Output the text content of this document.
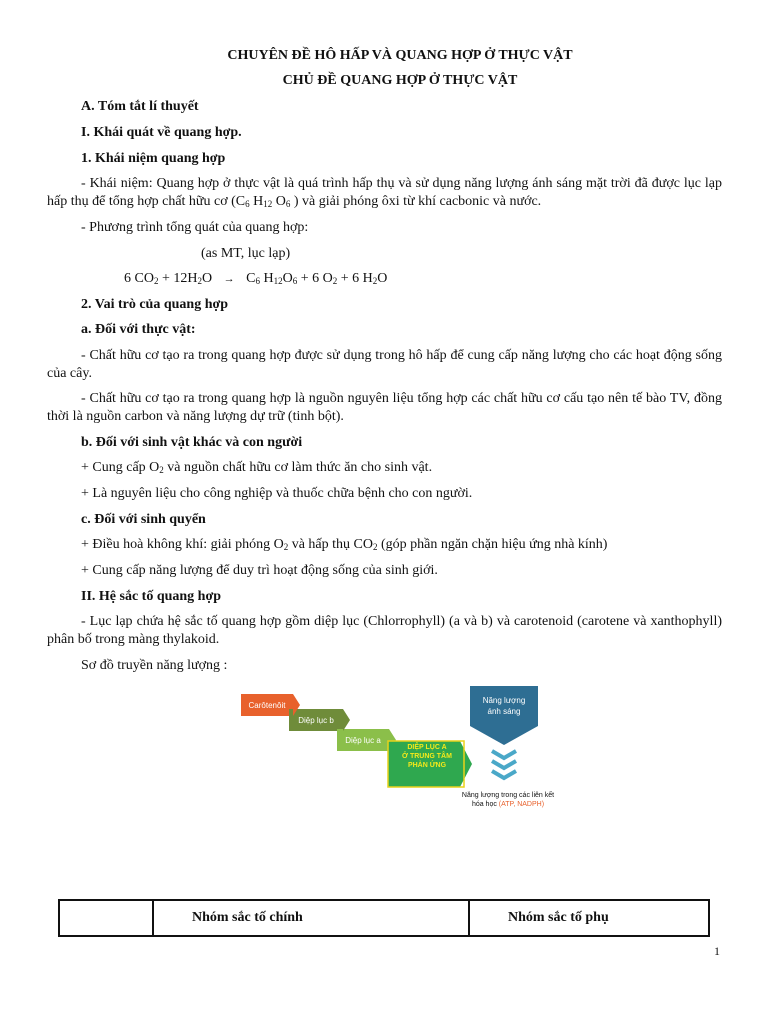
CHUYÊN ĐỀ HÔ HẤP VÀ QUANG HỢP Ở THỰC VẬT
CHỦ ĐỀ QUANG HỢP Ở THỰC VẬT
A. Tóm tắt lí thuyết
I. Khái quát về quang hợp.
1. Khái niệm quang hợp
- Khái niệm: Quang hợp ở thực vật là quá trình hấp thụ và sử dụng năng lượng ánh sáng mặt trời đã được lục lạp hấp thụ để tổng hợp chất hữu cơ ($C_6$ $H_{12}$ $O_6$ ) và giải phóng ôxi từ khí cacbonic và nước.
- Phương trình tổng quát của quang hợp:
(as MT, lục lạp)
6 $CO_2 + 12H_2O \to C_6$ $H_{12}O_6 + 6$ $O_2 + 6$ $H_2O$
2. Vai trò của quang hợp
a. Đối với thực vật:
- Chất hữu cơ tạo ra trong quang hợp được sử dụng trong hô hấp để cung cấp năng lượng cho các hoạt động sống của cây.
- Chất hữu cơ tạo ra trong quang hợp là nguồn nguyên liệu tổng hợp các chất hữu cơ cấu tạo nên tế bào TV, đồng thời là nguồn carbon và năng lượng dự trữ (tinh bột).
b. Đối với sinh vật khác và con người
+ Cung cấp $O_2$ và nguồn chất hữu cơ làm thức ăn cho sinh vật.
+ Là nguyên liệu cho công nghiệp và thuốc chữa bệnh cho con người.
c. Đối với sinh quyển
+ Điều hoà không khí: giải phóng $O_2$ và hấp thụ $CO_2$ (góp phần ngăn chặn hiệu ứng nhà kính)
+ Cung cấp năng lượng để duy trì hoạt động sống của sinh giới.
II. Hệ sắc tố quang hợp
- Lục lạp chứa hệ sắc tố quang hợp gồm diệp lục (Chlorrophyll) (a và b) và carotenoid (carotene và xanthophyll) phân bố trong màng thylakoid.
Sơ đồ truyền năng lượng :
Carôtenôit
Diệp lục b
Diệp lục a
DIỆP LỤC A
Ở TRUNG TÂM
PHẢN ỨNG
Năng lượng
ánh sáng
Năng lượng trong các liên kết
hóa học (ATP, NADPH)
	Nhóm sắc tố chính	Nhóm sắc tố phụ
1
